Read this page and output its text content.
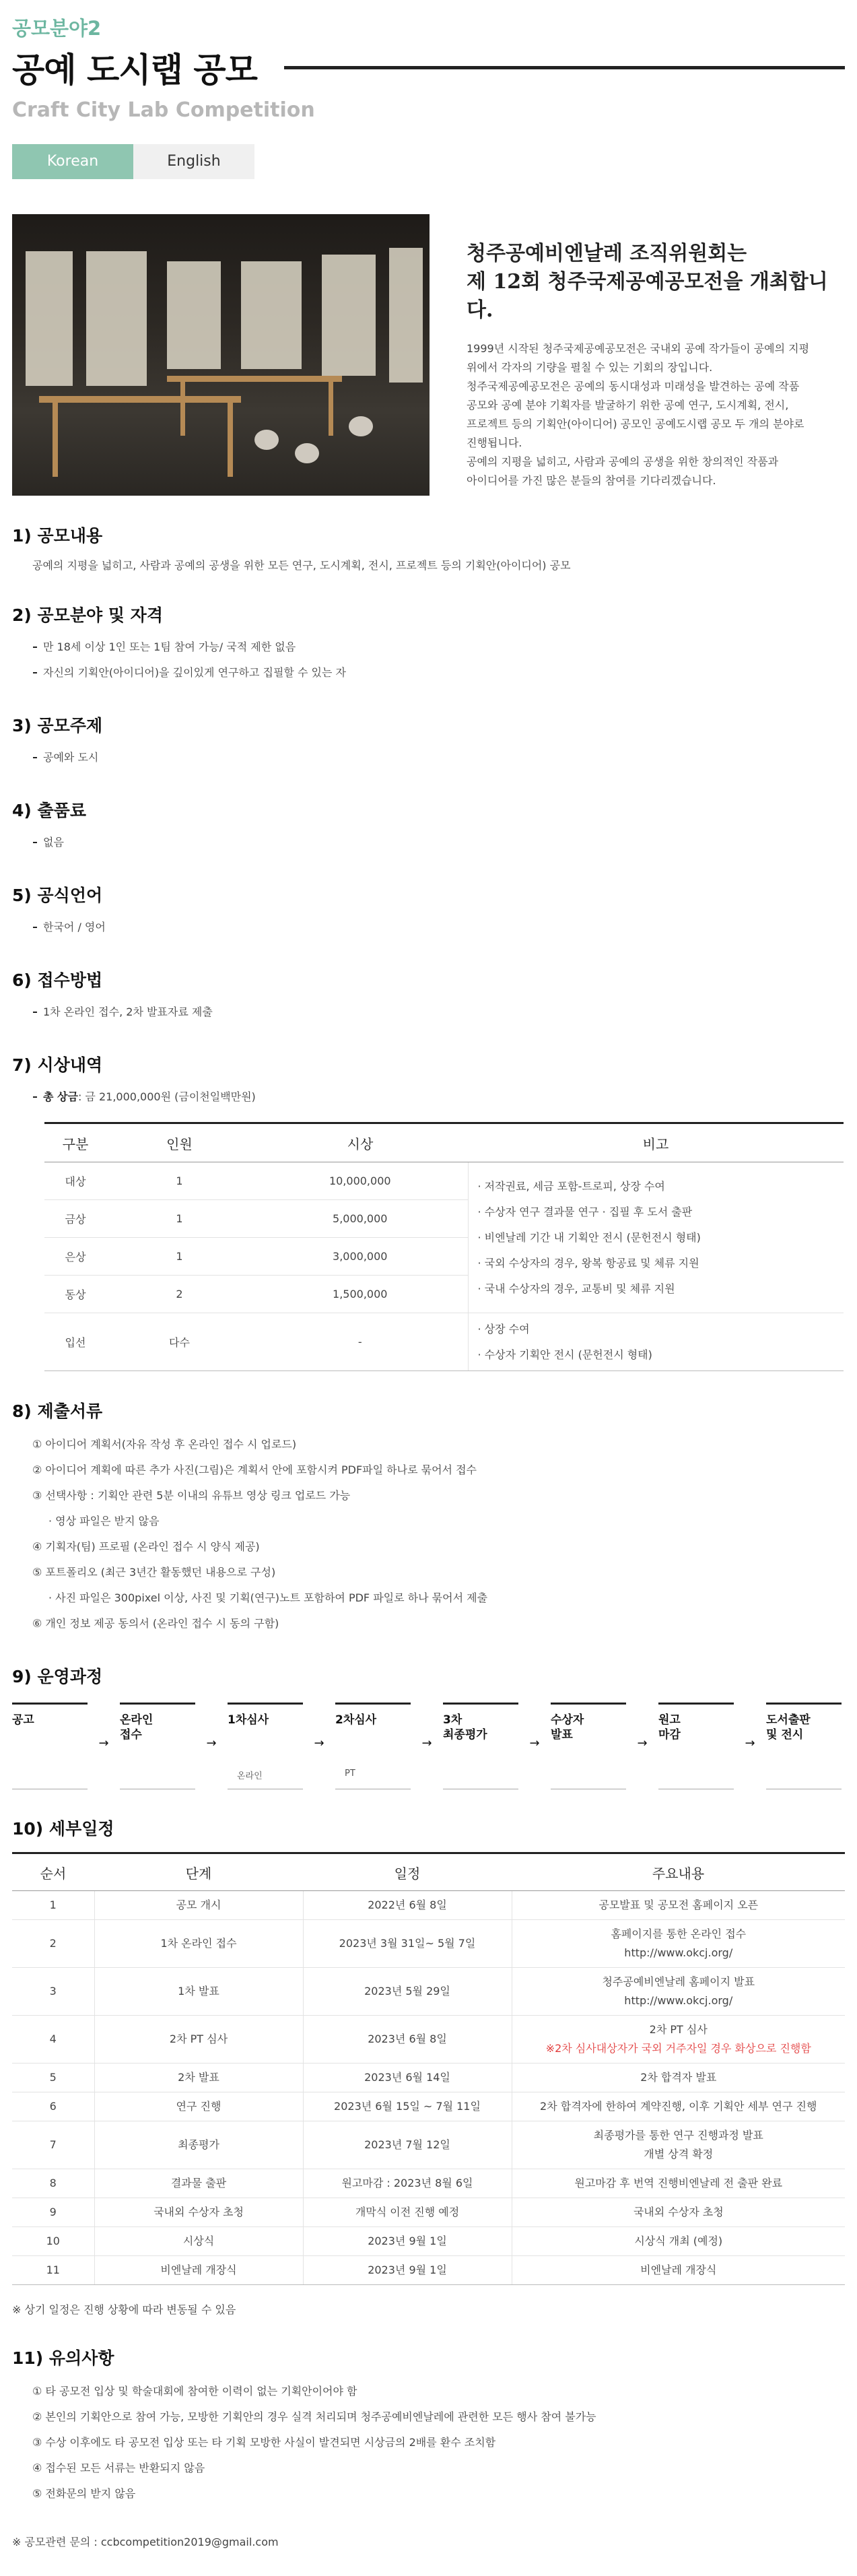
공모분야2
공예 도시랩 공모
Craft City Lab Competition
Korean	English
청주공예비엔날레 조직위원회는
제 12회 청주국제공예공모전을 개최합니다.
1999년 시작된 청주국제공예공모전은 국내외 공예 작가들이 공예의 지평
위에서 각자의 기량을 펼칠 수 있는 기회의 장입니다.
청주국제공예공모전은 공예의 동시대성과 미래성을 발견하는 공예 작품
공모와 공예 분야 기획자를 발굴하기 위한 공예 연구, 도시계획, 전시,
프로젝트 등의 기획안(아이디어) 공모인 공예도시랩 공모 두 개의 분야로
진행됩니다.
공예의 지평을 넓히고, 사람과 공예의 공생을 위한 창의적인 작품과
아이디어를 가진 많은 분들의 참여를 기다리겠습니다.
1) 공모내용
공예의 지평을 넓히고, 사람과 공예의 공생을 위한 모든 연구, 도시계획, 전시, 프로젝트 등의 기획안(아이디어) 공모
2) 공모분야 및 자격
만 18세 이상 1인 또는 1팀 참여 가능/ 국적 제한 없음
자신의 기획안(아이디어)을 깊이있게 연구하고 집필할 수 있는 자
3) 공모주제
공예와 도시
4) 출품료
없음
5) 공식언어
한국어 / 영어
6) 접수방법
1차 온라인 접수, 2차 발표자료 제출
7) 시상내역
총 상금: 금 21,000,000원 (금이천일백만원)
구분	인원	시상	비고
대상	1	10,000,000	· 저작권료, 세금 포함-트로피, 상장 수여
· 수상자 연구 결과물 연구 · 집필 후 도서 출판
· 비엔날레 기간 내 기획안 전시 (문헌전시 형태)
· 국외 수상자의 경우, 왕복 항공료 및 체류 지원
· 국내 수상자의 경우, 교통비 및 체류 지원

금상	1	5,000,000	
은상	1	3,000,000	
동상	2	1,500,000	
입선	다수	-	· 상장 수여
· 수상자 기획안 전시 (문헌전시 형태)
8) 제출서류
① 아이디어 계획서(자유 작성 후 온라인 접수 시 업로드)
② 아이디어 계획에 따른 추가 사진(그림)은 계획서 안에 포함시켜 PDF파일 하나로 묶어서 접수
③ 선택사항 : 기획안 관련 5분 이내의 유튜브 영상 링크 업로드 가능
· 영상 파일은 받지 않음
④ 기획자(팀) 프로필 (온라인 접수 시 양식 제공)
⑤ 포트폴리오 (최근 3년간 활동했던 내용으로 구성)
· 사진 파일은 300pixel 이상, 사진 및 기획(연구)노트 포함하여 PDF 파일로 하나 묶어서 제출
⑥ 개인 정보 제공 동의서 (온라인 접수 시 동의 구함)
9) 운영과정
공고
→
온라인
접수
→
1차심사
온라인
→
2차심사
PT
→
3차
최종평가
→
수상자
발표
→
원고
마감
→
도서출판
및 전시
10) 세부일정
순서	단계	일정	주요내용
1	공모 개시	2022년 6월 8일	공모발표 및 공모전 홈페이지 오픈

2	1차 온라인 접수	2023년 3월 31일~ 5월 7일	홈페이지를 통한 온라인 접수
http://www.okcj.org/

3	1차 발표	2023년 5월 29일	청주공예비엔날레 홈페이지 발표
http://www.okcj.org/

4	2차 PT 심사	2023년 6월 8일	2차 PT 심사
※2차 심사대상자가 국외 거주자일 경우 화상으로 진행함

5	2차 발표	2023년 6월 14일	2차 합격자 발표

6	연구 진행	2023년 6월 15일 ~ 7월 11일	2차 합격자에 한하여 계약진행, 이후 기획안 세부 연구 진행

7	최종평가	2023년 7월 12일	최종평가를 통한 연구 진행과정 발표
개별 상격 확정

8	결과물 출판	원고마감 : 2023년 8월 6일	원고마감 후 번역 진행비엔날레 전 출판 완료

9	국내외 수상자 초청	개막식 이전 진행 예정	국내외 수상자 초청

10	시상식	2023년 9월 1일	시상식 개최 (예정)

11	비엔날레 개장식	2023년 9월 1일	비엔날레 개장식
※ 상기 일정은 진행 상황에 따라 변동될 수 있음
11) 유의사항
① 타 공모전 입상 및 학술대회에 참여한 이력이 없는 기획안이어야 함
② 본인의 기획안으로 참여 가능, 모방한 기획안의 경우 실격 처리되며 청주공예비엔날레에 관련한 모든 행사 참여 불가능
③ 수상 이후에도 타 공모전 입상 또는 타 기획 모방한 사실이 발견되면 시상금의 2배를 환수 조치함
④ 접수된 모든 서류는 반환되지 않음
⑤ 전화문의 받지 않음
※ 공모관련 문의 : ccbcompetition2019@gmail.com
